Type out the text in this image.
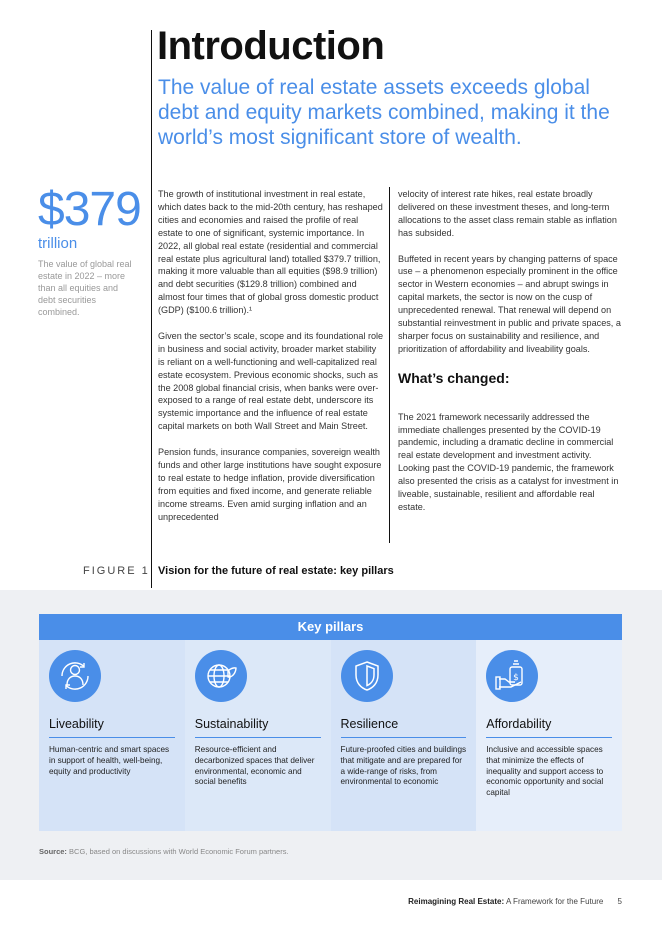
Introduction
The value of real estate assets exceeds global debt and equity markets combined, making it the world’s most significant store of wealth.
$379
trillion
The value of global real estate in 2022 – more than all equities and debt securities combined.

The growth of institutional investment in real estate, which dates back to the mid-20th century, has reshaped cities and economies and raised the profile of real estate to one of significant, systemic importance. In 2022, all global real estate (residential and commercial real estate plus agricultural land) totalled $379.7 trillion, making it more valuable than all equities ($98.9 trillion) and debt securities ($129.8 trillion) combined and almost four times that of global gross domestic product (GDP) ($100.6 trillion).¹

Given the sector’s scale, scope and its foundational role in business and social activity, broader market stability is reliant on a well-functioning and well-capitalized real estate ecosystem. Previous economic shocks, such as the 2008 global financial crisis, when banks were over-exposed to a range of real estate debt, underscore its systemic importance and the influence of real estate capital markets on both Wall Street and Main Street.

Pension funds, insurance companies, sovereign wealth funds and other large institutions have sought exposure to real estate to hedge inflation, provide diversification from equities and fixed income, and generate reliable income streams. Even amid surging inflation and an unprecedented

velocity of interest rate hikes, real estate broadly delivered on these investment theses, and long-term allocations to the asset class remain stable as inflation has subsided.

Buffeted in recent years by changing patterns of space use – a phenomenon especially prominent in the office sector in Western economies – and abrupt swings in capital markets, the sector is now on the cusp of unprecedented renewal. That renewal will depend on substantial reinvestment in public and private spaces, a sharper focus on sustainability and resilience, and prioritization of affordability and liveability goals.

What’s changed:

The 2021 framework necessarily addressed the immediate challenges presented by the COVID-19 pandemic, including a dramatic decline in commercial real estate development and investment activity. Looking past the COVID-19 pandemic, the framework also presented the crisis as a catalyst for investment in liveable, sustainable, resilient and affordable real estate.

FIGURE 1 Vision for the future of real estate: key pillars
Key pillars
Liveability
Human-centric and smart spaces in support of health, well-being, equity and productivity
Sustainability
Resource-efficient and decarbonized spaces that deliver environmental, economic and social benefits
Resilience
Future-proofed cities and buildings that mitigate and are prepared for a wide-range of risks, from environmental to economic
$
Affordability
Inclusive and accessible spaces that minimize the effects of inequality and support access to economic opportunity and social capital
Source: BCG, based on discussions with World Economic Forum partners.
Reimagining Real Estate: A Framework for the Future 5
